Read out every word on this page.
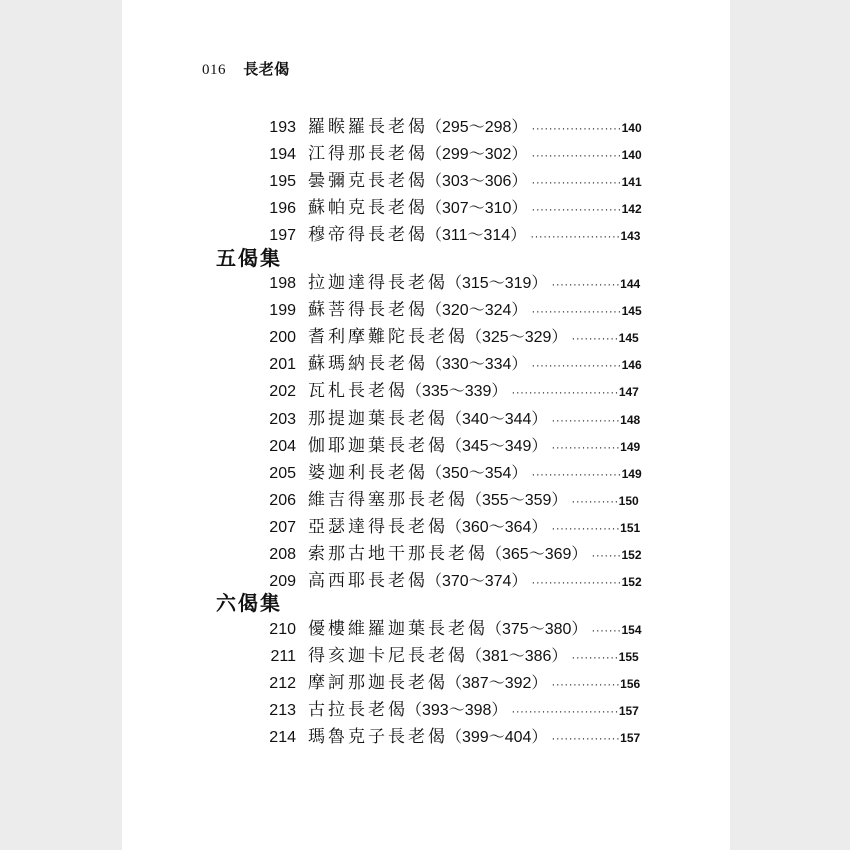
016 長老偈
193 羅睺羅長老偈
（295～298） ····················· 140
194 江得那長老偈
（299～302） ····················· 140
195 曇彌克長老偈
（303～306） ····················· 141
196 蘇帕克長老偈
（307～310） ····················· 142
197 穆帝得長老偈
（311～314） ····················· 143
五偈集
198 拉迦達得長老偈
（315～319） ················ 144
199 蘇菩得長老偈
（320～324） ····················· 145
200 耆利摩難陀長老偈
（325～329） ··········· 145
201 蘇瑪納長老偈
（330～334） ····················· 146
202 瓦札長老偈
（335～339） ························· 147
203 那提迦葉長老偈
（340～344） ················ 148
204 伽耶迦葉長老偈
（345～349） ················ 149
205 婆迦利長老偈
（350～354） ····················· 149
206 維吉得塞那長老偈
（355～359） ··········· 150
207 亞瑟達得長老偈
（360～364） ················ 151
208 索那古地干那長老偈
（365～369） ······· 152
209 高西耶長老偈
（370～374） ····················· 152
六偈集
210 優樓維羅迦葉長老偈
（375～380） ······· 154
211 得亥迦卡尼長老偈
（381～386） ··········· 155
212 摩訶那迦長老偈
（387～392） ················ 156
213 古拉長老偈
（393～398） ························· 157
214 瑪魯克子長老偈
（399～404） ················ 157
